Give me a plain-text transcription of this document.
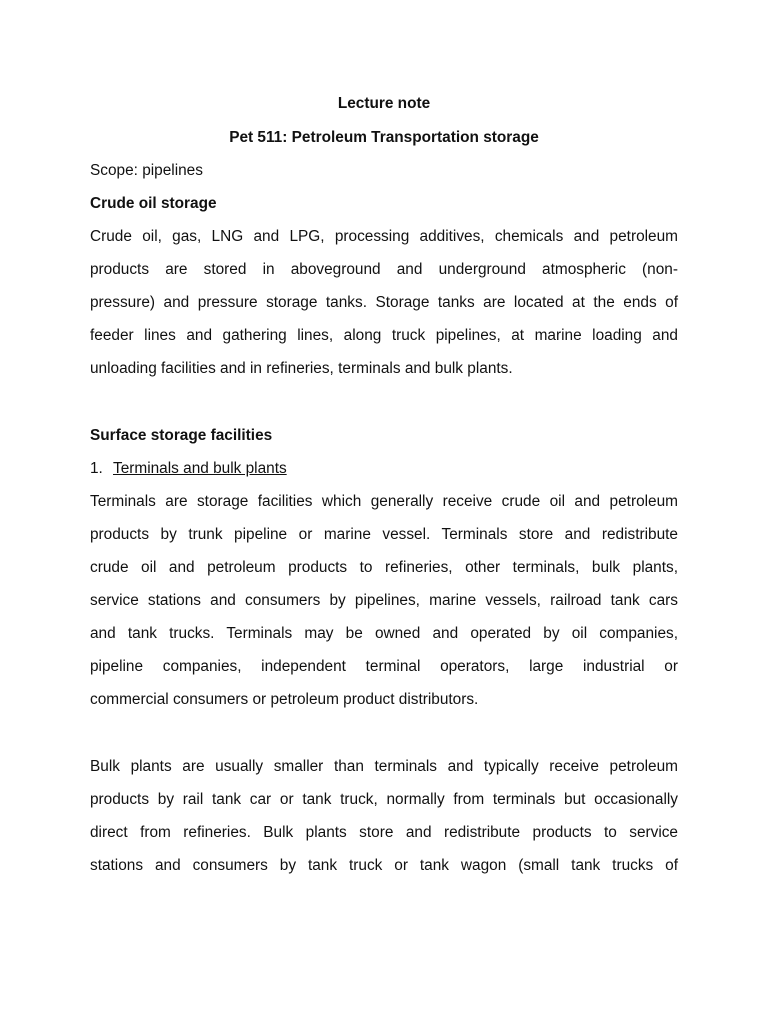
Lecture note
Pet 511: Petroleum Transportation storage
Scope: pipelines
Crude oil storage
Crude oil, gas, LNG and LPG, processing additives, chemicals and petroleum
products are stored in aboveground and underground atmospheric (non-
pressure) and pressure storage tanks. Storage tanks are located at the ends of
feeder lines and gathering lines, along truck pipelines, at marine loading and
unloading facilities and in refineries, terminals and bulk plants.
Surface storage facilities
1. Terminals and bulk plants
Terminals are storage facilities which generally receive crude oil and petroleum
products by trunk pipeline or marine vessel. Terminals store and redistribute
crude oil and petroleum products to refineries, other terminals, bulk plants,
service stations and consumers by pipelines, marine vessels, railroad tank cars
and tank trucks. Terminals may be owned and operated by oil companies,
pipeline companies, independent terminal operators, large industrial or
commercial consumers or petroleum product distributors.
Bulk plants are usually smaller than terminals and typically receive petroleum
products by rail tank car or tank truck, normally from terminals but occasionally
direct from refineries. Bulk plants store and redistribute products to service
stations and consumers by tank truck or tank wagon (small tank trucks of
